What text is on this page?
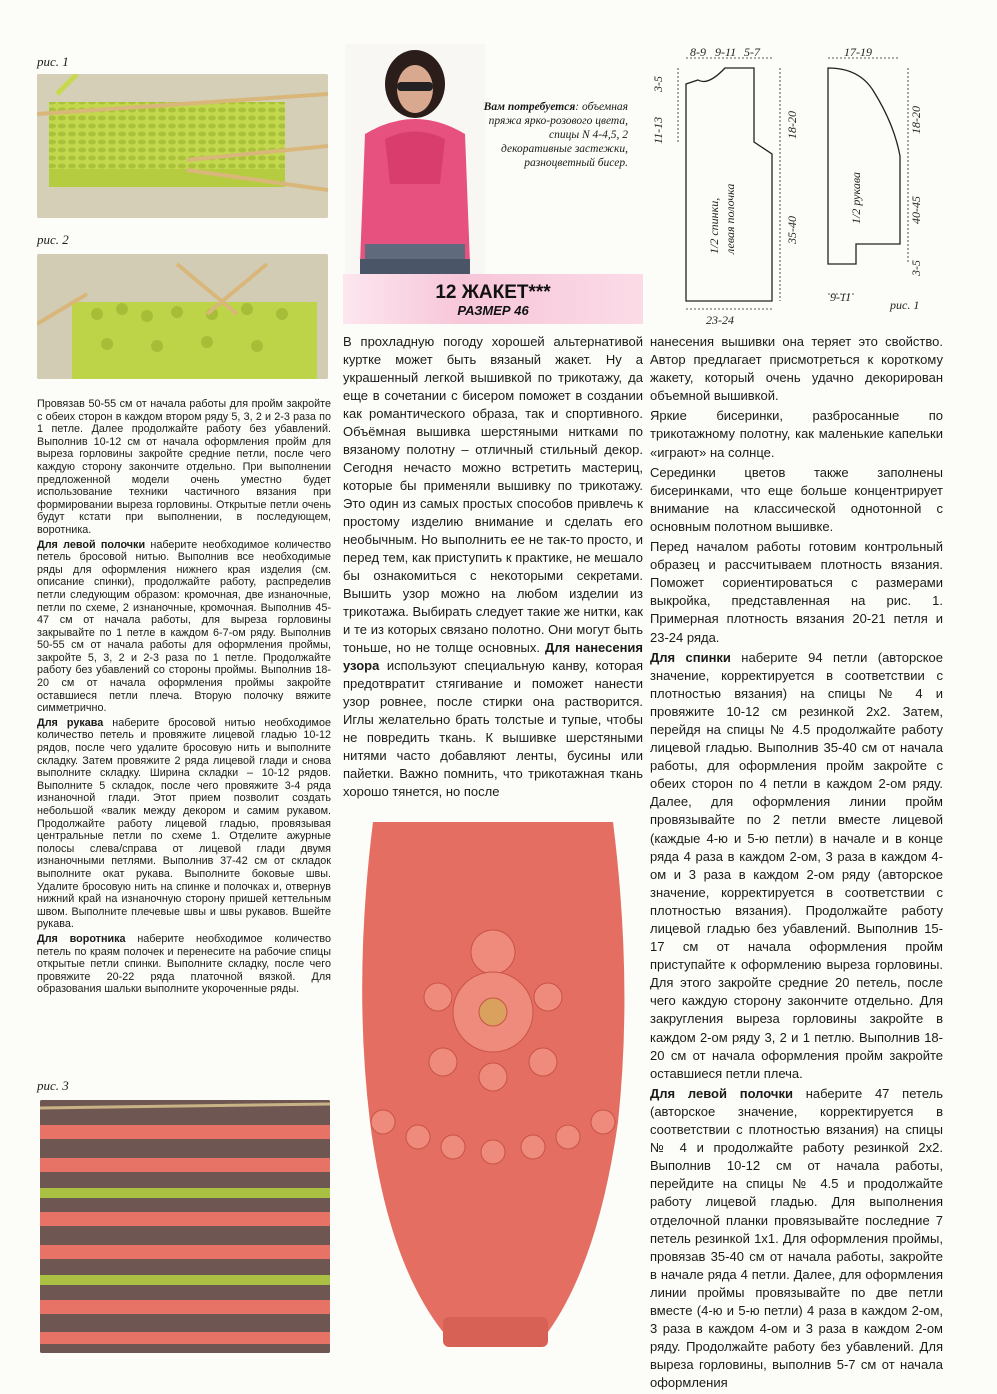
рис. 1
рис. 2
Вам потребуется: объемная пряжа ярко-розового цвета, спицы N 4-4,5, 2 декоративные застежки, разноцветный бисер.
12 ЖАКЕТ***
РАЗМЕР 46
8-9 9-11 5-7
11-13
3-5
18-20
35-40
23-24
1/2 спинки, левая полочка
17-19
18-20
40-45
3-5
9-11
1/2 рукава
рис. 1

Провязав 50-55 см от начала работы для пройм закройте с обеих сторон в каждом втором ряду 5, 3, 2 и 2-3 раза по 1 петле. Далее продолжайте работу без убавлений. Выполнив 10-12 см от начала оформления пройм для выреза горловины закройте средние петли, после чего каждую сторону закончите отдельно. При выполнении предложенной модели очень уместно будет использование техники частичного вязания при формировании выреза горловины. Открытые петли очень будут кстати при выполнении, в последующем, воротника.

Для левой полочки наберите необходимое количество петель бросовой нитью. Выполнив все необходимые ряды для оформления нижнего края изделия (см. описание спинки), продолжайте работу, распределив петли следующим образом: кромочная, две изнаночные, петли по схеме, 2 изнаночные, кромочная. Выполнив 45-47 см от начала работы, для выреза горловины закрывайте по 1 петле в каждом 6-7-ом ряду. Выполнив 50-55 см от начала работы для оформления проймы, закройте 5, 3, 2 и 2-3 раза по 1 петле. Продолжайте работу без убавлений со стороны проймы. Выполнив 18-20 см от начала оформления проймы закройте оставшиеся петли плеча. Вторую полочку вяжите симметрично.

Для рукава наберите бросовой нитью необходимое количество петель и провяжите лицевой гладью 10-12 рядов, после чего удалите бросовую нить и выполните складку. Затем провяжите 2 ряда лицевой глади и снова выполните складку. Ширина складки – 10-12 рядов. Выполните 5 складок, после чего провяжите 3-4 ряда изнаночной глади. Этот прием позволит создать небольшой «валик между декором и самим рукавом. Продолжайте работу лицевой гладью, провязывая центральные петли по схеме 1. Отделите ажурные полосы слева/справа от лицевой глади двумя изнаночными петлями. Выполнив 37-42 см от складок выполните окат рукава. Выполните боковые швы. Удалите бросовую нить на спинке и полочках и, отвернув нижний край на изнаночную сторону пришей кеттельным швом. Выполните плечевые швы и швы рукавов. Вшейте рукава.

Для воротника наберите необходимое количество петель по краям полочек и перенесите на рабочие спицы открытые петли спинки. Выполните складку, после чего провяжите 20-22 ряда платочной вязкой. Для образования шальки выполните укороченные ряды.

рис. 3

В прохладную погоду хорошей альтернативой куртке может быть вязаный жакет. Ну а украшенный легкой вышивкой по трикотажу, да еще в сочетании с бисером поможет в создании как романтического образа, так и спортивного. Объёмная вышивка шерстяными нитками по вязаному полотну – отличный стильный декор. Сегодня нечасто можно встретить мастериц, которые бы применяли вышивку по трикотажу. Это один из самых простых способов привлечь к простому изделию внимание и сделать его необычным. Но выполнить ее не так-то просто, и перед тем, как приступить к практике, не мешало бы ознакомиться с некоторыми секретами. Вышить узор можно на любом изделии из трикотажа. Выбирать следует такие же нитки, как и те из которых связано полотно. Они могут быть тоньше, но не толще основных. Для нанесения узора используют специальную канву, которая предотвратит стягивание и поможет нанести узор ровнее, после стирки она растворится. Иглы желательно брать толстые и тупые, чтобы не повредить ткань. К вышивке шерстяными нитями часто добавляют ленты, бусины или пайетки. Важно помнить, что трикотажная ткань хорошо тянется, но после

нанесения вышивки она теряет это свойство. Автор предлагает присмотреться к короткому жакету, который очень удачно декорирован объемной вышивкой.

Яркие бисеринки, разбросанные по трикотажному полотну, как маленькие капельки «играют» на солнце.

Серединки цветов также заполнены бисеринками, что еще больше концентрирует внимание на классической однотонной с основным полотном вышивке.

Перед началом работы готовим контрольный образец и рассчитываем плотность вязания. Поможет сориентироваться с размерами выкройка, представленная на рис. 1. Примерная плотность вязания 20-21 петля и 23-24 ряда.

Для спинки наберите 94 петли (авторское значение, корректируется в соответствии с плотностью вязания) на спицы № 4 и провяжите 10-12 см резинкой 2х2. Затем, перейдя на спицы № 4.5 продолжайте работу лицевой гладью. Выполнив 35-40 см от начала работы, для оформления пройм закройте с обеих сторон по 4 петли в каждом 2-ом ряду. Далее, для оформления линии пройм провязывайте по 2 петли вместе лицевой (каждые 4-ю и 5-ю петли) в начале и в конце ряда 4 раза в каждом 2-ом, 3 раза в каждом 4-ом и 3 раза в каждом 2-ом ряду (авторское значение, корректируется в соответствии с плотностью вязания). Продолжайте работу лицевой гладью без убавлений. Выполнив 15-17 см от начала оформления пройм приступайте к оформлению выреза горловины. Для этого закройте средние 20 петель, после чего каждую сторону закончите отдельно. Для закругления выреза горловины закройте в каждом 2-ом ряду 3, 2 и 1 петлю. Выполнив 18-20 см от начала оформления пройм закройте оставшиеся петли плеча.

Для левой полочки наберите 47 петель (авторское значение, корректируется в соответствии с плотностью вязания) на спицы № 4 и продолжайте работу резинкой 2х2. Выполнив 10-12 см от начала работы, перейдите на спицы № 4.5 и продолжайте работу лицевой гладью. Для выполнения отделочной планки провязывайте последние 7 петель резинкой 1х1. Для оформления проймы, провязав 35-40 см от начала работы, закройте в начале ряда 4 петли. Далее, для оформления линии проймы провязывайте по две петли вместе (4-ю и 5-ю петли) 4 раза в каждом 2-ом, 3 раза в каждом 4-ом и 3 раза в каждом 2-ом ряду. Продолжайте работу без убавлений. Для выреза горловины, выполнив 5-7 см от начала оформления
